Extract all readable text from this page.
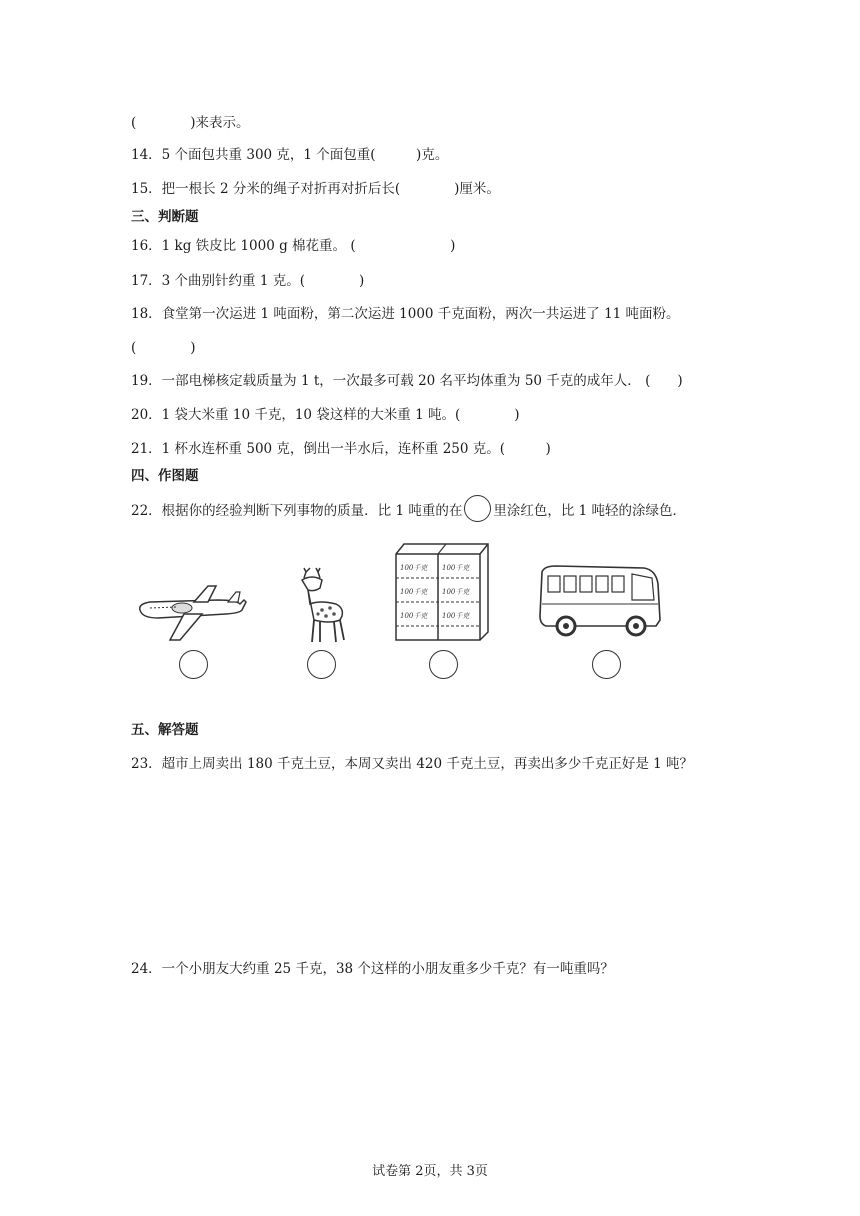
(　　　　)来表示。
14．5 个面包共重 300 克，1 个面包重(　　　)克。
15．把一根长 2 分米的绳子对折再对折后长(　　　　)厘米。
三、判断题
16．1 kg 铁皮比 1000 g 棉花重。 (　　　　　　　)
17．3 个曲别针约重 1 克。(　　　　)
18．食堂第一次运进 1 吨面粉，第二次运进 1000 千克面粉，两次一共运进了 11 吨面粉。
(　　　　)
19．一部电梯核定载质量为 1 t，一次最多可载 20 名平均体重为 50 千克的成年人． (　　)
20．1 袋大米重 10 千克，10 袋这样的大米重 1 吨。(　　　　)
21．1 杯水连杯重 500 克，倒出一半水后，连杯重 250 克。(　　　)
四、作图题
22．根据你的经验判断下列事物的质量．比 1 吨重的在 里涂红色，比 1 吨轻的涂绿色．
100千克 100千克
100千克 100千克
100千克 100千克
五、解答题
23．超市上周卖出 180 千克土豆，本周又卖出 420 千克土豆，再卖出多少千克正好是 1 吨？
24．一个小朋友大约重 25 千克，38 个这样的小朋友重多少千克？有一吨重吗？
试卷第 2页，共 3页
